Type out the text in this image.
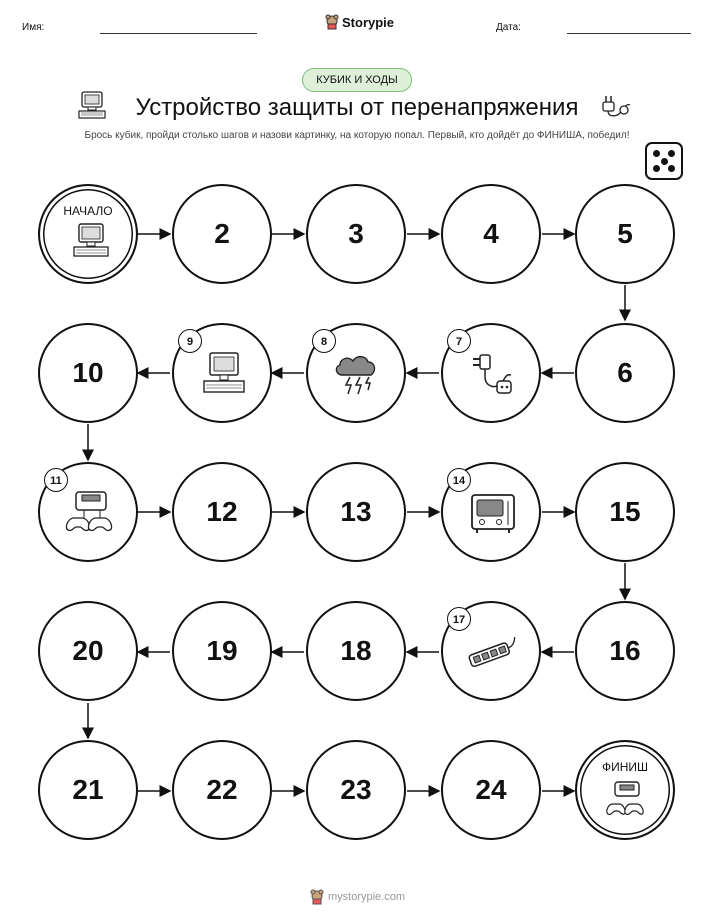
Имя:	Storypie	Дата:
КУБИК И ХОДЫ
Устройство защиты от перенапряжения
Брось кубик, пройди столько шагов и назови картинку, на которую попал. Первый, кто дойдёт до ФИНИША, победил!
НАЧАЛО
2	3	4	5
6
7
8
9
10
11
12	13
14
15
16
17
18
19
20
21	22	23	24
ФИНИШ
mystorypie.com
